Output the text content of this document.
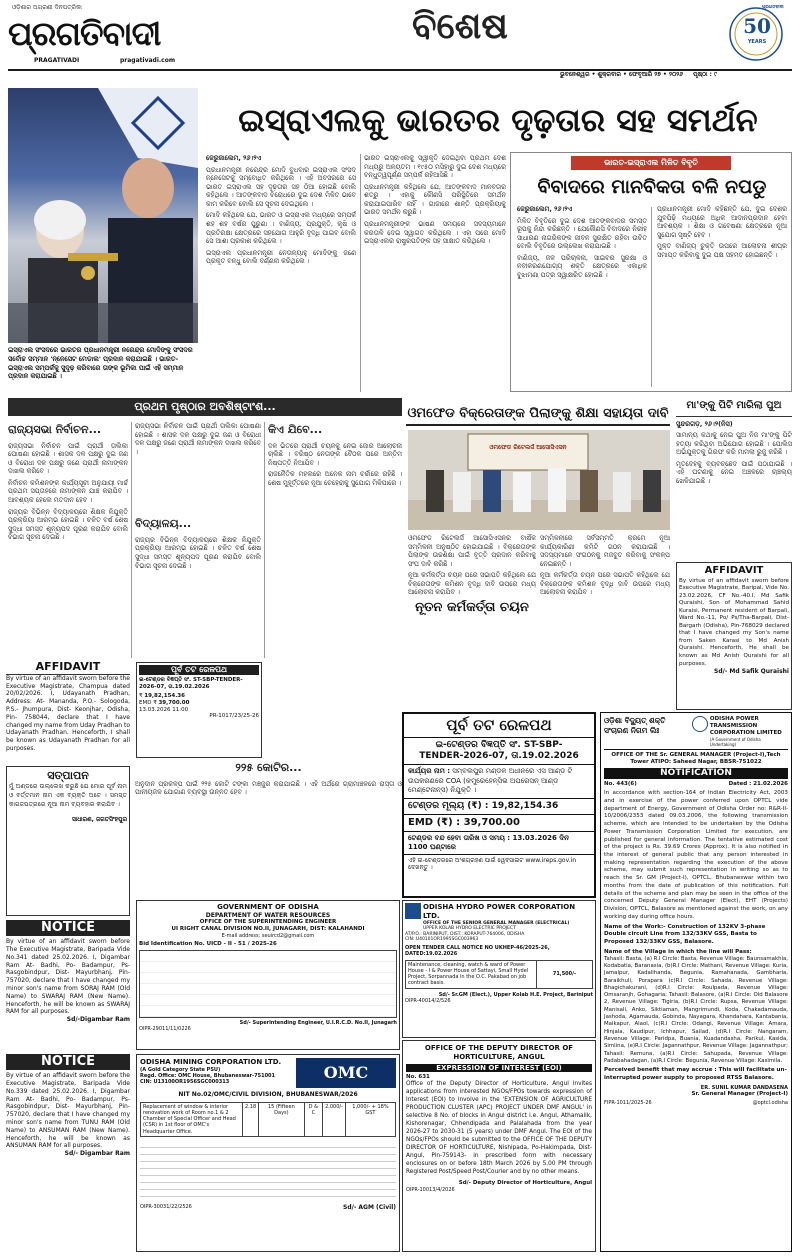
ଓଡ଼ିଶାର ଅଗ୍ରଣୀ ଦିନପତ୍ରିକା
ପ୍ରଗତିବାଦୀ
PRAGATIVADI	pragativadi.com
ବିଶେଷ	50
YEARS
ପ୍ରଗତିବାଦୀ
ଭୁବନେଶ୍ୱର • ଶୁକ୍ରବାର • ଫେବୃଆରି ୨୭ • ୨୦୨୬ ପୃଷ୍ଠା : ୯
ଇସ୍ରାଏଲ ସଂସଦରେ ଭାରତର ପ୍ରଧାନମନ୍ତ୍ରୀ ନରେନ୍ଦ୍ର ମୋଦିଙ୍କୁ ସଂସଦର ସର୍ବୋଚ୍ଚ ସମ୍ମାନ 'ନ୍ନେସେଟ ମେଡାଲ' ପ୍ରଦାନ କରାଯାଇଛି । ଭାରତ-ଇସ୍ରାଏଲ ସମ୍ପର୍କକୁ ସୁଦୃଢ଼ କରିବାରେ ତାଙ୍କ ଭୂମିକା ପାଇଁ ଏହି ସମ୍ମାନ ପ୍ରଦାନ କରାଯାଇଛି ।
ଇସ୍ରାଏଲକୁ ଭାରତର ଦୃଢ଼ତାର ସହ ସମର୍ଥନ

ଜେରୁଜାଲେମ, ୨୬।୨ଏ

ପ୍ରଧାନମନ୍ତ୍ରୀ ନରେନ୍ଦ୍ର ମୋଦି ବୁଧବାର ଇସ୍ରାଏଲ ସଂସଦ ନ୍ନେସେଟକୁ ସମ୍ବୋଧିତ କରିଥିଲେ । ଏହି ଅବସରରେ ସେ ଭାରତ ଇସ୍ରାଏଲ ସହ ଦୃଢ଼ତାର ସହ ଠିଆ ହୋଇଛି ବୋଲି କହିଥିଲେ । ଆତଙ୍କବାଦ ବିରୋଧରେ ଦୁଇ ଦେଶ ମିଳିତ ଭାବେ କାମ କରିବେ ବୋଲି ସେ ସୂଚନା ଦେଇଥିଲେ ।

ମୋଦି କହିଥିଲେ ଯେ, ଭାରତ ଓ ଇସ୍ରାଏଲ ମଧ୍ୟରେ ସମ୍ପର୍କ ଶହ ଶହ ବର୍ଷର ପୁରୁଣା । ବାଣିଜ୍ୟ, ପ୍ରଯୁକ୍ତି, କୃଷି ଓ ପ୍ରତିରକ୍ଷା କ୍ଷେତ୍ରରେ ସହଯୋଗ ଆହୁରି ବୃଦ୍ଧି ପାଇବ ବୋଲି ସେ ଆଶା ପ୍ରକାଶ କରିଥିଲେ ।

ଇସ୍ରାଏଲ ପ୍ରଧାନମନ୍ତ୍ରୀ ନେତାନ୍ୟାହୁ ମୋଦିଙ୍କୁ ଜଣେ ପ୍ରକୃତ ବନ୍ଧୁ ବୋଲି ବର୍ଣ୍ଣନା କରିଥିଲେ ।

ଭାରତ ଇସ୍ରାଏଲକୁ ସ୍ୱୀକୃତି ଦେଇଥିବା ପ୍ରଥମ ଦେଶ ମଧ୍ୟରୁ ଅନ୍ୟତମ । ୧୯୫୦ ମସିହାରୁ ଦୁଇ ଦେଶ ମଧ୍ୟରେ ବନ୍ଧୁତ୍ୱପୂର୍ଣ୍ଣ ସମ୍ପର୍କ ରହିଆସିଛି ।

ପ୍ରଧାନମନ୍ତ୍ରୀ କହିଥିଲେ ଯେ, ଆତଙ୍କବାଦ ମାନବତାର ଶତ୍ରୁ । ଏହାକୁ କୌଣସି ପରିସ୍ଥିତିରେ ସମର୍ଥନ କରାଯାଇପାରିବ ନାହିଁ । ଗାଜାରେ ଶାନ୍ତି ପ୍ରକ୍ରିୟାକୁ ଭାରତ ସମର୍ଥନ କରୁଛି ।

ପ୍ରଧାନମନ୍ତ୍ରୀଙ୍କ ଭାଷଣ ସମୟରେ ସଦସ୍ୟମାନେ କରତାଳି ଦେଇ ସ୍ୱାଗତ କରିଥିଲେ । ଏହା ପରେ ମୋଦି ଇସ୍ରାଏଲର ରାଷ୍ଟ୍ରପତିଙ୍କ ସହ ସାକ୍ଷାତ କରିଥିଲେ ।

ଭାରତ-ଇସ୍ରାଏଲ ମିଳିତ ବିବୃତି
ବିବାଦରେ ମାନବିକତା ବଳି ନପଡୁ

ଜେରୁଜାଲେମ, ୨୬।୨ଏ

ମିଳିତ ବିବୃତିରେ ଦୁଇ ଦେଶ ଆତଙ୍କବାଦର ସମସ୍ତ ରୂପକୁ ନିନ୍ଦା କରିଛନ୍ତି । ଯେକୌଣସି ବିବାଦରେ ନିରୀହ ସାଧାରଣ ନାଗରିକଙ୍କ ଜୀବନ ସୁରକ୍ଷିତ ରହିବା ଉଚିତ ବୋଲି ବିବୃତିରେ ଉଲ୍ଲେଖ କରାଯାଇଛି ।

ବାଣିଜ୍ୟ, ଜଳ ପରିଚାଳନା, ସାଇବର ସୁରକ୍ଷା ଓ ନବୀକରଣଯୋଗ୍ୟ ଶକ୍ତି କ୍ଷେତ୍ରରେ ଏକାଧିକ ବୁଝାମଣା ପତ୍ର ସ୍ୱାକ୍ଷରିତ ହୋଇଛି ।

ପ୍ରଧାନମନ୍ତ୍ରୀ ମୋଦି କହିଛନ୍ତି ଯେ, ଦୁଇ ଦେଶର ଯୁବପିଢ଼ି ମଧ୍ୟରେ ଅଧିକ ଆଦାନପ୍ରଦାନ ହେବା ଆବଶ୍ୟକ । ଶିକ୍ଷା ଓ ଗବେଷଣା କ୍ଷେତ୍ରରେ ନୂଆ ସୁଯୋଗ ସୃଷ୍ଟି ହେବ ।

ମୁକ୍ତ ବାଣିଜ୍ୟ ଚୁକ୍ତି ଉପରେ ଆଲୋଚନା ଶୀଘ୍ର ସମାପ୍ତ କରିବାକୁ ଦୁଇ ପକ୍ଷ ସହମତ ହୋଇଛନ୍ତି ।

ପ୍ରଥମ ପୃଷ୍ଠାର ଅବଶିଷ୍ଟାଂଶ...

ରାଜ୍ୟସଭା ନିର୍ବାଚନ...

ରାଜ୍ୟସଭା ନିର୍ବାଚନ ପାଇଁ ପ୍ରାର୍ଥୀ ତାଲିକା ଘୋଷଣା ହୋଇଛି । ଶାସକ ଦଳ ପକ୍ଷରୁ ଦୁଇ ଜଣ ଓ ବିରୋଧୀ ଦଳ ପକ୍ଷରୁ ଜଣେ ପ୍ରାର୍ଥୀ ନାମାଙ୍କନ ଦାଖଲ କରିବେ ।

ନିର୍ବାଚନ କମିଶନଙ୍କ କାର୍ଯ୍ୟସୂଚୀ ଅନୁଯାୟୀ ମାର୍ଚ୍ଚ ପ୍ରଥମ ସପ୍ତାହରେ ନାମାଙ୍କନ ଯାଞ୍ଚ କରାଯିବ । ଆବଶ୍ୟକ ହେଲେ ମତଦାନ ହେବ ।

ରାଜ୍ୟର ବିଭିନ୍ନ ବିଦ୍ୟାଳୟରେ ଶିକ୍ଷକ ନିଯୁକ୍ତି ପ୍ରକ୍ରିୟା ଆରମ୍ଭ ହୋଇଛି । ଚଳିତ ବର୍ଷ ଶେଷ ସୁଦ୍ଧା ସମସ୍ତ ଶୂନ୍ୟପଦ ପୂରଣ କରାଯିବ ବୋଲି ବିଭାଗ ସୂଚନା ଦେଇଛି ।

ରାଜ୍ୟସଭା ନିର୍ବାଚନ ପାଇଁ ପ୍ରାର୍ଥୀ ତାଲିକା ଘୋଷଣା ହୋଇଛି । ଶାସକ ଦଳ ପକ୍ଷରୁ ଦୁଇ ଜଣ ଓ ବିରୋଧୀ ଦଳ ପକ୍ଷରୁ ଜଣେ ପ୍ରାର୍ଥୀ ନାମାଙ୍କନ ଦାଖଲ କରିବେ ।

ବିଦ୍ୟାଳୟ...

ରାଜ୍ୟର ବିଭିନ୍ନ ବିଦ୍ୟାଳୟରେ ଶିକ୍ଷକ ନିଯୁକ୍ତି ପ୍ରକ୍ରିୟା ଆରମ୍ଭ ହୋଇଛି । ଚଳିତ ବର୍ଷ ଶେଷ ସୁଦ୍ଧା ସମସ୍ତ ଶୂନ୍ୟପଦ ପୂରଣ କରାଯିବ ବୋଲି ବିଭାଗ ସୂଚନା ଦେଇଛି ।

କିଏ ଯିବେ...

ଦଳ ଭିତରେ ପ୍ରାର୍ଥୀ ଚୟନକୁ ନେଇ ଜୋର ଆଲୋଚନା ଚାଲିଛି । ବରିଷ୍ଠ ନେତାଙ୍କ ବୈଠକ ପରେ ଅନ୍ତିମ ନିଷ୍ପତ୍ତି ନିଆଯିବ ।

ରାଜନୈତିକ ମହଲରେ ଅନେକ ନାମ ଚର୍ଚ୍ଚାରେ ରହିଛି । ଶେଷ ମୁହୂର୍ତ୍ତରେ ନୂଆ ଚେହେରାକୁ ସୁଯୋଗ ମିଳିପାରେ ।

୨୨୫ କୋଟିର...

ଅନୁଦାନ ପ୍ରକଳ୍ପ ପାଇଁ ୨୨୫ କୋଟି ଟଙ୍କା ମଞ୍ଜୁର କରାଯାଇଛି । ଏହି ଅର୍ଥରେ ଗ୍ରାମାଞ୍ଚଳରେ ରାସ୍ତା ଓ ପାନୀୟଜଳ ଯୋଗାଣ ବ୍ୟବସ୍ଥା ଉନ୍ନତ ହେବ ।

ଓମଫେଡ ବିକ୍ରେତାଙ୍କ ପିଲାଙ୍କୁ ଶିକ୍ଷା ସହାୟତା ଦାବି
ଓମଫେଡ ରିଟେଲର୍ସ ଆସୋସିଏସନ

ଓମଫେଡ ରିଟେଲର୍ସ ଆସୋସିଏସନର ବାର୍ଷିକ ସମ୍ମିଳନୀ ଅନୁଷ୍ଠିତ ହୋଇଯାଇଛି । ବିକ୍ରେତାଙ୍କ ପିଲାଙ୍କ ଉଚ୍ଚଶିକ୍ଷା ପାଇଁ ବୃତ୍ତି ପ୍ରଦାନ କରିବାକୁ ସଂଘ ଦାବି କରିଛି ।

ନୂଆ କର୍ମକର୍ତ୍ତା ଚୟନ ପରେ ସଭାପତି କହିଥିଲେ ଯେ ବିକ୍ରେତାଙ୍କ କମିଶନ ବୃଦ୍ଧି ଦାବି ଉପରେ ମଧ୍ୟ ଆଲୋଚନା କରାଯିବ ।

ନୂତନ କର୍ମକର୍ତ୍ତା ଚୟନ

ସମ୍ମିଳନୀରେ ସର୍ବସମ୍ମତି କ୍ରମେ ନୂଆ କାର୍ଯ୍ୟକାରିଣୀ କମିଟି ଗଠନ କରାଯାଇଛି । ସଦସ୍ୟମାନେ ସଂଗଠନକୁ ମଜବୁତ କରିବାକୁ ସଂକଳ୍ପ ନେଇଛନ୍ତି ।

ନୂଆ କର୍ମକର୍ତ୍ତା ଚୟନ ପରେ ସଭାପତି କହିଥିଲେ ଯେ ବିକ୍ରେତାଙ୍କ କମିଶନ ବୃଦ୍ଧି ଦାବି ଉପରେ ମଧ୍ୟ ଆଲୋଚନା କରାଯିବ ।

ମା'ଙ୍କୁ ପିଟି ମାରିଲା ପୁଅ

ସୁନ୍ଦରଗଡ଼, ୨୬।୨(ନିସ)

ସାମାନ୍ୟ କଥାକୁ ନେଇ ପୁଅ ନିଜ ମା'ଙ୍କୁ ପିଟି ହତ୍ୟା କରିଥିବା ଅଭିଯୋଗ ହୋଇଛି । ପୋଲିସ ଅଭିଯୁକ୍ତକୁ ଗିରଫ କରି ମାମଲା ରୁଜୁ କରିଛି ।

ମୃତଦେହକୁ ବ୍ୟବଚ୍ଛେଦ ପାଇଁ ପଠାଯାଇଛି । ଏହି ଘଟଣାକୁ ନେଇ ଅଞ୍ଚଳରେ ଚାଞ୍ଚଲ୍ୟ ଖେଳିଯାଇଛି ।

AFFIDAVIT
By virtue of an affidavit sworn before Executive Magistrate, Baripal, Vide No. 23.02.2026, CF No.-40.I, Md Safik Quraishi, Son of Mohammad Sahid Kuraisi, Permanent resident of Barpali, Ward No.-11, Po/ Ps/Tha-Barpali, Dist-Bargarh (Odisha), Pin-768029 declared that I have changed my Son's name from Saken Karasi to Md Anish Quraishi. Henceforth, He shall be known as Md Anish Quraishi for all purposes.
Sd/- Md Safik Quraishi
AFFIDAVIT
By virtue of an affidavit sworn before the Executive Magistrate, Champua dated 20/02/2026. I, Udayanath Pradhan, Address: At- Mananda, P.O.- Sologoda, P.S.- Jhumpura, Dist- Keonjhar, Odisha, Pin- 758044, declare that I have changed my name from Uday Pradhan to Udayanath Pradhan. Henceforth, I shall be known as Udayanath Pradhan for all purposes.
ସତ୍ପାପନ
ମୁଁ ଅଣ୍ଡରେ ଉଲ୍ଲେଖ କରୁଛି ଯେ ମୋର ପୂର୍ବ ନାମ ଓ ବର୍ତ୍ତମାନ ନାମ ଏକ ବ୍ୟକ୍ତି ଅଟେ । ସମସ୍ତ କାଗଜପତ୍ରରେ ନୂଆ ନାମ ବ୍ୟବହାର କରାଯିବ ।
ସାଧାରଣ, ଜଗତସିଂହପୁର
NOTICE
By virtue of an affidavit sworn before The Executive Magistrate, Baripada Vide No.341 dated 25.02.2026. I, Digambar Ram At- Badhi, Po- Badampur, Ps- Rasgobindpur, Dist- Mayurbhanj, Pin- 757020, declare that I have changed my minor son's name from SORAJ RAM (Old Name) to SWARAJ RAM (New Name). Henceforth, he will be known as SWARAJ RAM for all purposes.
Sd/-Digambar Ram
NOTICE
By virtue of an affidavit sworn before the Executive Magistrate, Baripada Vide No.339 dated 25.02.2026. I, Digambar Ram At- Badhi, Po- Badampur, Ps- Rasgobindpur, Dist- Mayurbhanj, Pin- 757020, declare that I have changed my minor son's name from TUNU RAM (Old Name) to ANSUMAN RAM (New Name). Henceforth, he will be known as ANSUMAN RAM for all purposes.
Sd/- Digambar Ram
ପୂର୍ବ ତଟ ରେଳପଥ
ଇ-ଟେଣ୍ଡର ବିଜ୍ଞପ୍ତି ସଂ. ST-SBP-TENDER-2026-07, ତା.19.02.2026
₹ 19,82,154.36
EMD ₹ 39,700.00
13.03.2026 11:00
PR-1017/23/25-26	ପୂର୍ବ ତଟ ରେଳପଥ
ଇ-ଟେଣ୍ଡର ବିଜ୍ଞପ୍ତି ସଂ. ST-SBP-
TENDER-2026-07, ତା.19.02.2026
କାର୍ଯ୍ୟର ନାମ : ସମ୍ବଲପୁର ମଣ୍ଡଳ ଅଧୀନରେ ଏସ ଆଣ୍ଡ ଟି ଉପକରଣରେ COA (କମ୍ପ୍ରେହେନ୍ସିଭ ଅପରେସନ୍ ଆଣ୍ଡ ମେଣ୍ଟେନାନ୍ସ) ନିଯୁକ୍ତି ।
ଟେଣ୍ଡର ମୂଲ୍ୟ (₹) : 19,82,154.36
EMD (₹) : 39,700.00
ଟେଣ୍ଡର ବନ୍ଦ ହେବା ତାରିଖ ଓ ସମୟ : 13.03.2026 ଦିନ 1100 ଘଣ୍ଟାରେ
ଏହି ଇ-ଟେଣ୍ଡରରେ ଅଂଶଗ୍ରହଣ ପାଇଁ ୱେବସାଇଟ www.ireps.gov.in ଦେଖନ୍ତୁ ।
ଓଡ଼ିଶା ବିଦ୍ୟୁତ୍ ଶକ୍ତି ସଂଚାରଣ ନିଗମ ଲିଃ
ODISHA POWER TRANSMISSION CORPORATION LIMITED
(A Government of Odisha Undertaking)
OFFICE OF THE Sr. GENERAL MANAGER (Project-I),Tech Tower ATIPO: Saheed Nagar, BBSR-751022
NOTIFICATION
No. 443(6)	Dated : 21.02.2026
In accordance with section-164 of Indian Electricity Act, 2003 and in exercise of the power conferred upon OPTCL vide department of Energy, Government of Odisha Order no: R&R-II-10/2006/2353 dated 09.03.2006, the following transmission scheme, which are intended to be undertaken by the Odisha Power Transmission Corporation Limited for execution, are published for general information. The tentative estimated cost of the project is Rs. 39.69 Crores (Approx). It is also notified in the interest of general public that any person interested in making representation regarding the execution of the above scheme, may submit such representation in writing so as to reach the Sr. GM (Project-I), OPTCL, Bhubaneswar within two months from the date of publication of this notification. Full details of the scheme and plan may be seen in the office of the concerned Deputy General Manager (Elect), EHT (Projects) Division, OPTCL, Balasore as mentioned against the work, on any working day during office hours.
Name of the Work:- Construction of 132KV 3-phase Double circuit Line from 132/33KV GSS, Basta to Proposed 132/33KV GSS, Balasore.
Name of the Village in which the line will Pass:
Tahasil: Basta, (a) R.I Circle: Basta, Revenue Village: Baunsamakhia, Kodabatia, Baranasia, (b)R.I Circle: Mathani, Revenue Village: Kuria, Jamalpur, Kadalihanda, Begunia, Ramahanada, Gambharia, Baraikhuli, Porapara (c)R.I Circle: Sahada, Revenue Village: Bhagichakurani, (d)R.I Circle: Roulpada, Revenue Village: Omsaranjh, Gohagaria; Tahasil: Balasore, (a)R.I Circle: Old Balasore 2, Revenue Village: Tigiria, (b)R.I Circle: Rupsa, Revenue Village: Manisali, Anko, Siktiaman, Mangrimundi, Koda, Chakadamauda, Jashoda, Agamauda, Gobinda, Nayagara, Khandahara, Kantabania, Malkapur, Alaol, (c)R.I Circle: Odangi, Revenue Village: Amara, Hinjala, Kaudipur, Ichhapur, Sailad, (d)R.I Circle: Nangaram, Revenue Village: Paridpa, Buania, Kuadandasha, Parikul, Kasida, Simlina, (e)R.I Circle: Jagannathpur, Revenue Village: Jagannathpur; Tahasil: Remuna, (a)R.I Circle: Sahupada, Revenue Village: Padabahadagan, (a)R.I Circle: Begunia, Revenue Village: Kasimila.
Perceived benefit that may accrue : This will facilitate un-interrupted power supply to proposed RTSS Balasore.
ER. SUNIL KUMAR DANDASENA
Sr. General Manager (Project-I)
FIPR-1011/2025-26	@optcl.odisha
GOVERNMENT OF ODISHA
DEPARTMENT OF WATER RESOURCES
OFFICE OF THE SUPERINTENDING ENGINEER
UI RIGHT CANAL DIVISION NO.II, JUNAGARH, DIST: KALAHANDI
E-mail address: seuircd2@gmail.com
Bid Identification No. UICD - II - 51 / 2025-26
Sd/- Superintending Engineer, U.I.R.C.D. No.II, Junagarh
OIPR-29011/11/0226
ODISHA HYDRO POWER CORPORATION LTD.
OFFICE OF THE SENIOR GENERAL MANAGER (ELECTRICAL)
UPPER KOLAB HYDRO ELECTRIC PROJECT
AT/P.O.: BARINIPUT, DIST.: KORAPUT-764006, ODISHA
CIN: U40101OR1995SGC003963
OPEN TENDER CALL NOTICE NO UKHEP-46/2025-26, DATED:19.02.2026
Maintenance, cleaning, watch & ward of Power House - I & Power House of Sattayi, Small Hydel Project, Sorpannada in the O.C. Pakabad on job contract basis.	71,500/-
Sd/- Sr.GM (Elect.), Upper Kolab H.E. Project, Bariniput
OIPR-40014/2/526
OFFICE OF THE DEPUTY DIRECTOR OF HORTICULTURE, ANGUL
EXPRESSION OF INTEREST (EOI)
No. 631
Office of the Deputy Director of Horticulture, Angul invites applications from interested NGOs/FPOs towards expression of Interest (EOI) to involve in the 'EXTENSION OF AGRICULTURE PRODUCTION CLUSTER (APC) PROJECT UNDER DMF ANGUL' in selective 8 No. of blocks in Angul district i.e. Angul, Athamalik, Kishorenagar, Chhendipada and Palalahada from the year 2026-27 to 2030-31 (5 years) under DMF Angul. The EOI of the NGOs/FPOs should be submitted to the OFFICE OF THE DEPUTY DIRECTOR OF HORTICULTURE, Nishipada, Po-Hakimpada, Dist-Angul, Pin-759143- in prescribed form with necessary enclosures on or before 18th March 2026 by 5.00 PM through Registered Post/Speed Post/Courier and by no other means.
Sd/- Deputy Director of Horticulture, Angul
OIPR-10013/4/2026
ODISHA MINING CORPORATION LTD.
(A Gold Category State PSU)
Regd. Office: OMC House, Bhubaneswar-751001
CIN: U13100OR1956SGC000313
OMC
NIT No.02/OMC/CIVIL DIVISION, BHUBANESWAR/2026
Replacement of window & interior renovation work of Room no.1 & 2 Chamber of Special Officer and Head (CSR) in 1st floor of OMC's Headquarter Office.	2.18	15 (Fifteen Days)	D & C	2,000/-	1,000/- + 18% GST
OIPR-30031/22/2526	Sd/- AGM (Civil)
